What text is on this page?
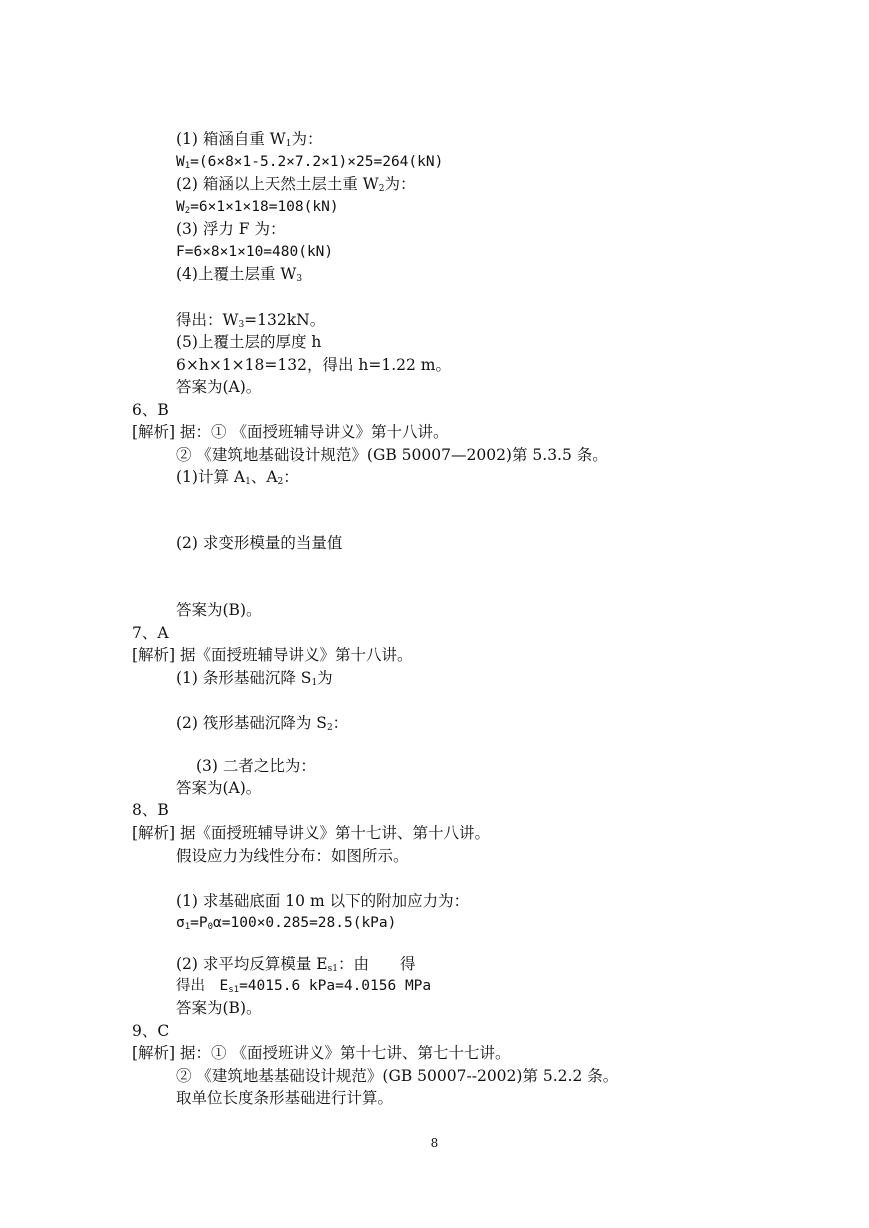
(1) 箱涵自重 $W_1$为：
$W_1=(6\times 8\times 1-5.2\times 7.2\times 1)\times 25=264(kN)$
(2) 箱涵以上天然土层土重 $W_2$为：
$W_2=6\times 1\times 1\times 18=108(kN)$
(3) 浮力 F 为：
F=6×8×1×10=480(kN)
(4)上覆土层重 $W_3$
得出：$W_3=132kN$。
(5)上覆土层的厚度 h
6×h×1×18=132，得出 h=1.22 m。
答案为(A)。
6、B
[解析] 据：① 《面授班辅导讲义》第十八讲。
② 《建筑地基础设计规范》(GB 50007—2002)第 5.3.5 条。
(1)计算 $A_1$、$A_2$：
(2) 求变形模量的当量值
答案为(B)。
7、A
[解析] 据《面授班辅导讲义》第十八讲。
(1) 条形基础沉降 $S_1$为
(2) 筏形基础沉降为 $S_2$：
(3) 二者之比为：
答案为(A)。
8、B
[解析] 据《面授班辅导讲义》第十七讲、第十八讲。
假设应力为线性分布：如图所示。
(1) 求基础底面 10 m 以下的附加应力为：
$\sigma_1=P_0\alpha=100\times 0.285=28.5(kPa)$
(2) 求平均反算模量 $E_{s1}$：由　　得
得出　$E_{s1}=4015.6$ kPa=4.0156 MPa
答案为(B)。
9、C
[解析] 据：① 《面授班讲义》第十七讲、第七十七讲。
② 《建筑地基基础设计规范》(GB 50007--2002)第 5.2.2 条。
取单位长度条形基础进行计算。
8
